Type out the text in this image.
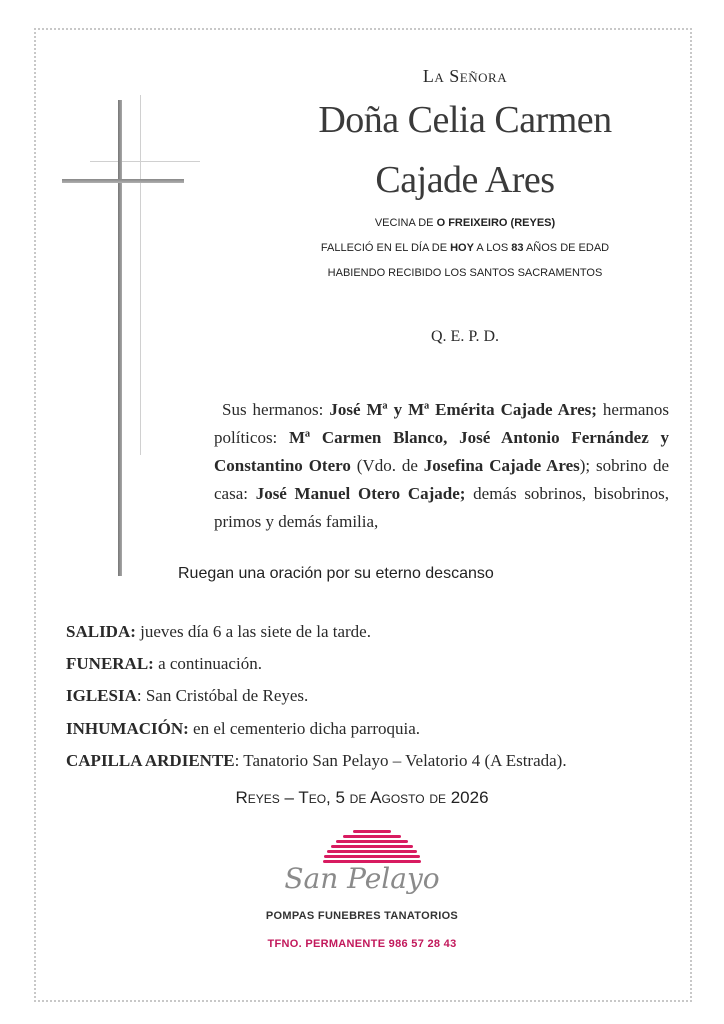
La Señora
Doña Celia Carmen
Cajade Ares
VECINA DE O FREIXEIRO (REYES)
FALLECIÓ EN EL DÍA DE HOY A LOS 83 AÑOS DE EDAD
HABIENDO RECIBIDO LOS SANTOS SACRAMENTOS
Q. E. P. D.
Sus hermanos: José Mª y Mª Emérita Cajade Ares; hermanos políticos: Mª Carmen Blanco, José Antonio Fernández y Constantino Otero (Vdo. de Josefina Cajade Ares); sobrino de casa: José Manuel Otero Cajade; demás sobrinos, bisobrinos, primos y demás familia,
Ruegan una oración por su eterno descanso
SALIDA: jueves día 6 a las siete de la tarde.
FUNERAL: a continuación.
IGLESIA: San Cristóbal de Reyes.
INHUMACIÓN: en el cementerio dicha parroquia.
CAPILLA ARDIENTE: Tanatorio San Pelayo – Velatorio 4 (A Estrada).
Reyes – Teo, 5 de Agosto de 2026
San Pelayo
POMPAS FUNEBRES TANATORIOS
TFNO. PERMANENTE 986 57 28 43
